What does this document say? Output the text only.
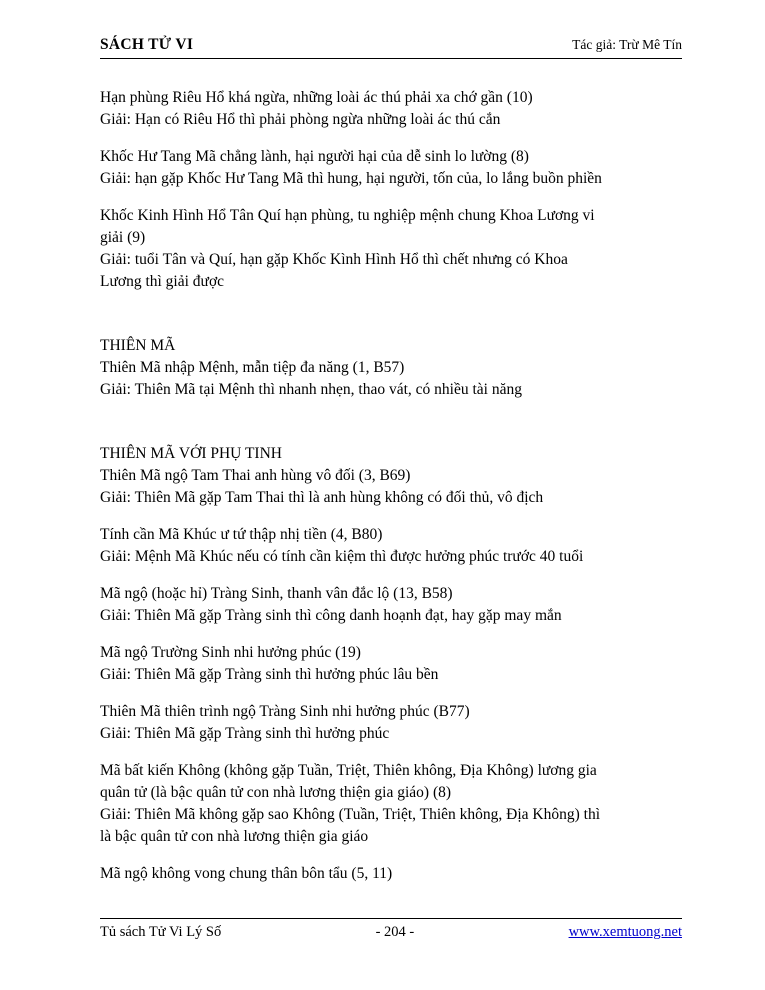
SÁCH TỬ VI	Tác giả: Trừ Mê Tín
Hạn phùng Riêu Hổ khá ngừa, những loài ác thú phải xa chớ gần (10)
Giải: Hạn có Riêu Hổ thì phải phòng ngừa những loài ác thú cắn
Khốc Hư Tang Mã chẳng lành, hại người hại của dễ sinh lo lường (8)
Giải: hạn gặp Khốc Hư Tang Mã thì hung, hại người, tốn của, lo lắng buồn phiền
Khốc Kinh Hình Hổ Tân Quí hạn phùng, tu nghiệp mệnh chung Khoa Lương vi
giải (9)
Giải: tuổi Tân và Quí, hạn gặp Khốc Kình Hình Hổ thì chết nhưng có Khoa
Lương thì giải được
THIÊN MÃ
Thiên Mã nhập Mệnh, mẫn tiệp đa năng (1, B57)
Giải: Thiên Mã tại Mệnh thì nhanh nhẹn, thao vát, có nhiều tài năng
THIÊN MÃ VỚI PHỤ TINH
Thiên Mã ngộ Tam Thai anh hùng vô đối (3, B69)
Giải: Thiên Mã gặp Tam Thai thì là anh hùng không có đối thủ, vô địch
Tính cần Mã Khúc ư tứ thập nhị tiền (4, B80)
Giải: Mệnh Mã Khúc nếu có tính cần kiệm thì được hưởng phúc trước 40 tuổi
Mã ngộ (hoặc hỉ) Tràng Sinh, thanh vân đắc lộ (13, B58)
Giải: Thiên Mã gặp Tràng sinh thì công danh hoạnh đạt, hay gặp may mắn
Mã ngộ Trường Sinh nhi hưởng phúc (19)
Giải: Thiên Mã gặp Tràng sinh thì hưởng phúc lâu bền
Thiên Mã thiên trình ngộ Tràng Sinh nhi hưởng phúc (B77)
Giải: Thiên Mã gặp Tràng sinh thì hưởng phúc
Mã bất kiến Không (không gặp Tuần, Triệt, Thiên không, Địa Không) lương gia
quân tử (là bậc quân tử con nhà lương thiện gia giáo) (8)
Giải: Thiên Mã không gặp sao Không (Tuần, Triệt, Thiên không, Địa Không) thì
là bậc quân tử con nhà lương thiện gia giáo
Mã ngộ không vong chung thân bôn tẩu (5, 11)
Tủ sách Tử Vi Lý Số	- 204 -	www.xemtuong.net
